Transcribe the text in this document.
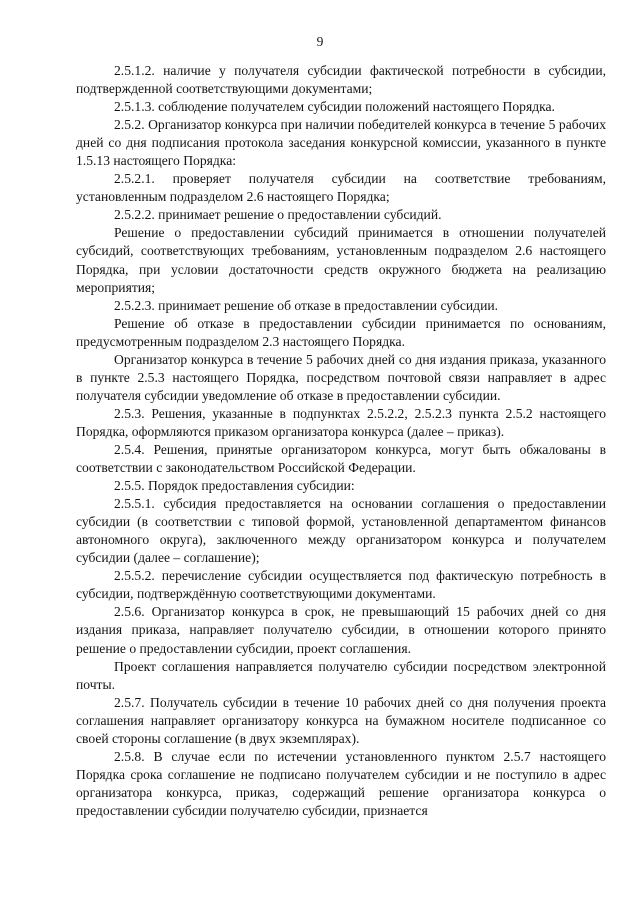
9

2.5.1.2. наличие у получателя субсидии фактической потребности в субсидии, подтвержденной соответствующими документами;

2.5.1.3. соблюдение получателем субсидии положений настоящего Порядка.

2.5.2. Организатор конкурса при наличии победителей конкурса в течение 5 рабочих дней со дня подписания протокола заседания конкурсной комиссии, указанного в пункте 1.5.13 настоящего Порядка:

2.5.2.1. проверяет получателя субсидии на соответствие требованиям, установленным подразделом 2.6 настоящего Порядка;

2.5.2.2. принимает решение о предоставлении субсидий.

Решение о предоставлении субсидий принимается в отношении получателей субсидий, соответствующих требованиям, установленным подразделом 2.6 настоящего Порядка, при условии достаточности средств окружного бюджета на реализацию мероприятия;

2.5.2.3. принимает решение об отказе в предоставлении субсидии.

Решение об отказе в предоставлении субсидии принимается по основаниям, предусмотренным подразделом 2.3 настоящего Порядка.

Организатор конкурса в течение 5 рабочих дней со дня издания приказа, указанного в пункте 2.5.3 настоящего Порядка, посредством почтовой связи направляет в адрес получателя субсидии уведомление об отказе в предоставлении субсидии.

2.5.3. Решения, указанные в подпунктах 2.5.2.2, 2.5.2.3 пункта 2.5.2 настоящего Порядка, оформляются приказом организатора конкурса (далее – приказ).

2.5.4. Решения, принятые организатором конкурса, могут быть обжалованы в соответствии с законодательством Российской Федерации.

2.5.5. Порядок предоставления субсидии:

2.5.5.1. субсидия предоставляется на основании соглашения о предоставлении субсидии (в соответствии с типовой формой, установленной департаментом финансов автономного округа), заключенного между организатором конкурса и получателем субсидии (далее – соглашение);

2.5.5.2. перечисление субсидии осуществляется под фактическую потребность в субсидии, подтверждённую соответствующими документами.

2.5.6. Организатор конкурса в срок, не превышающий 15 рабочих дней со дня издания приказа, направляет получателю субсидии, в отношении которого принято решение о предоставлении субсидии, проект соглашения.

Проект соглашения направляется получателю субсидии посредством электронной почты.

2.5.7. Получатель субсидии в течение 10 рабочих дней со дня получения проекта соглашения направляет организатору конкурса на бумажном носителе подписанное со своей стороны соглашение (в двух экземплярах).

2.5.8. В случае если по истечении установленного пунктом 2.5.7 настоящего Порядка срока соглашение не подписано получателем субсидии и не поступило в адрес организатора конкурса, приказ, содержащий решение организатора конкурса о предоставлении субсидии получателю субсидии, признается
